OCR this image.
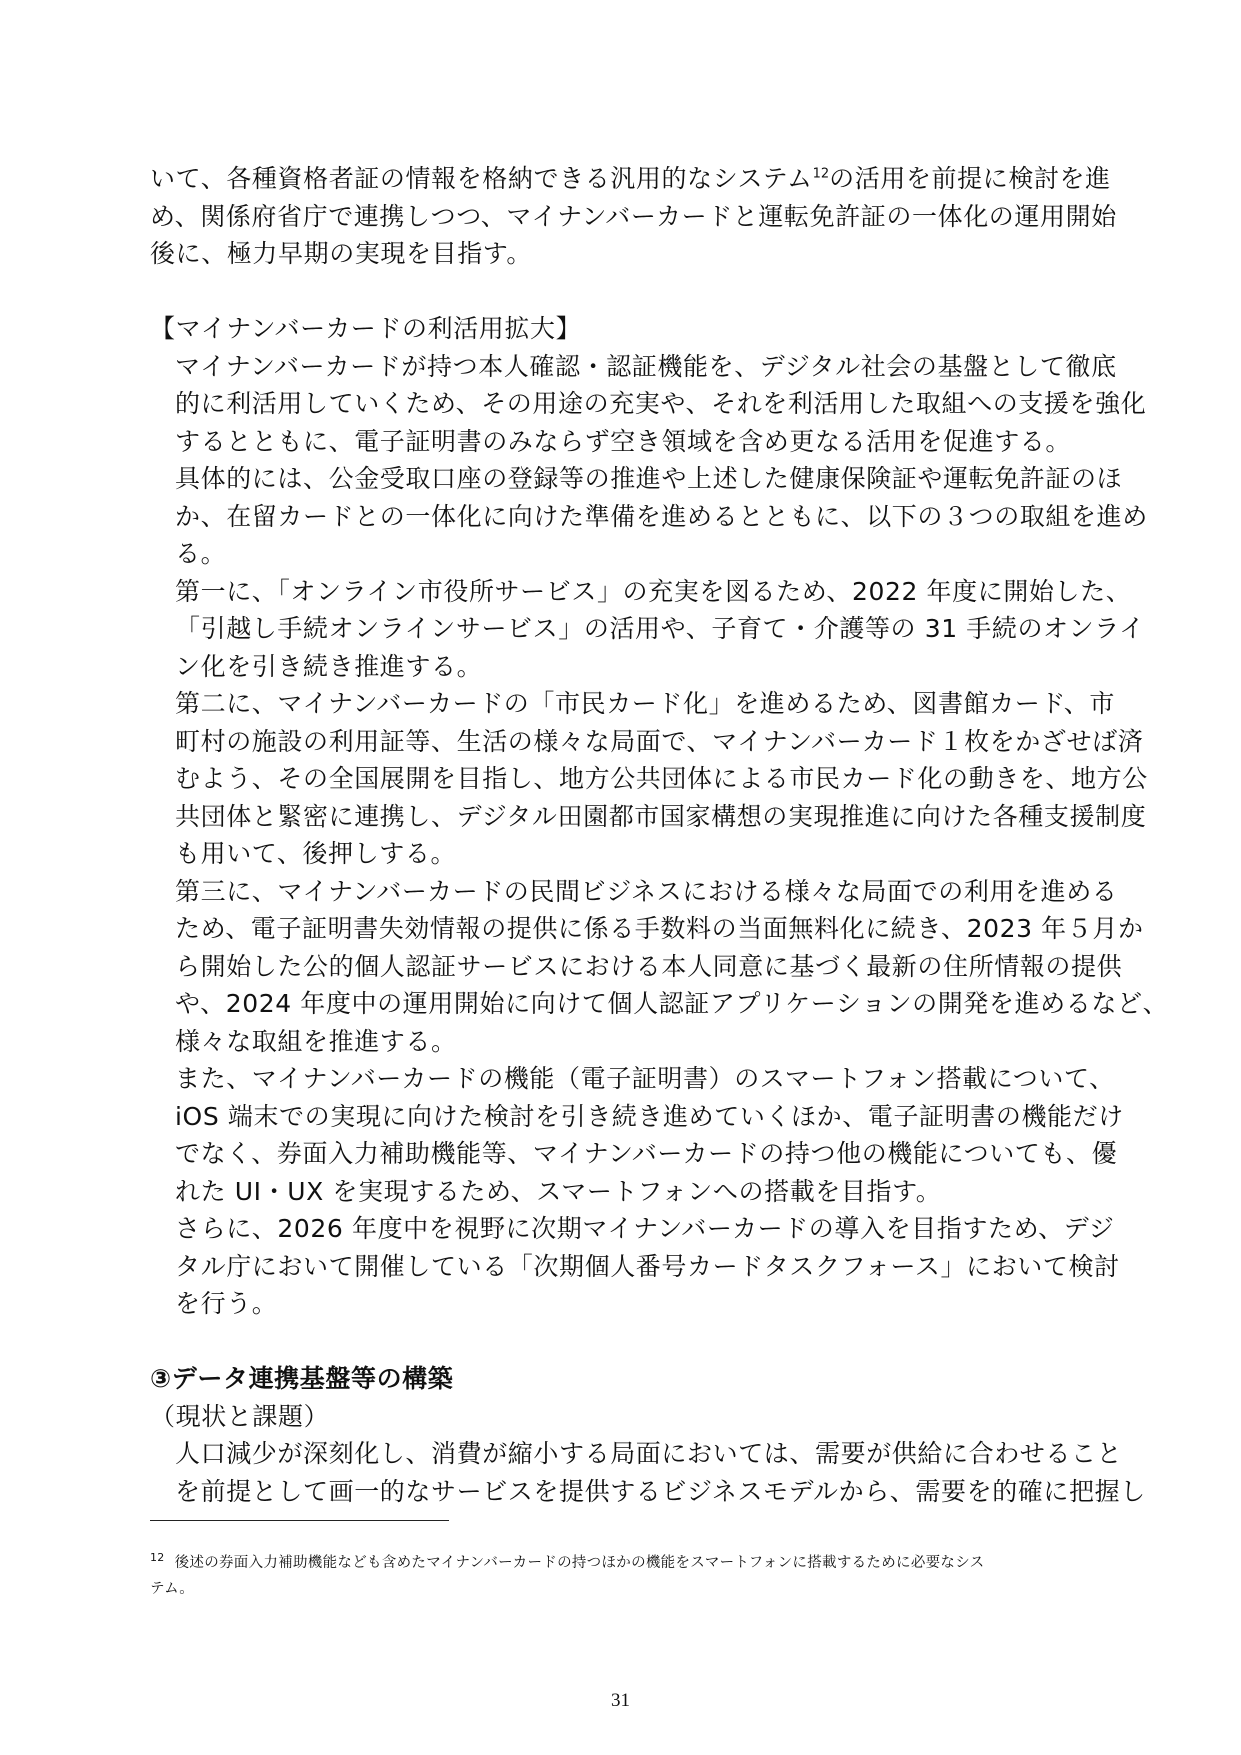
いて、各種資格者証の情報を格納できる汎用的なシステム$^{12}$の活用を前提に検討を進
め、関係府省庁で連携しつつ、マイナンバーカードと運転免許証の一体化の運用開始
後に、極力早期の実現を目指す。

【マイナンバーカードの利活用拡大】

マイナンバーカードが持つ本人確認・認証機能を、デジタル社会の基盤として徹底
的に利活用していくため、その用途の充実や、それを利活用した取組への支援を強化
するとともに、電子証明書のみならず空き領域を含め更なる活用を促進する。

具体的には、公金受取口座の登録等の推進や上述した健康保険証や運転免許証のほ
か、在留カードとの一体化に向けた準備を進めるとともに、以下の３つの取組を進め
る。

第一に、「オンライン市役所サービス」の充実を図るため、2022 年度に開始した、
「引越し手続オンラインサービス」の活用や、子育て・介護等の 31 手続のオンライ
ン化を引き続き推進する。

第二に、マイナンバーカードの「市民カード化」を進めるため、図書館カード、市
町村の施設の利用証等、生活の様々な局面で、マイナンバーカード１枚をかざせば済
むよう、その全国展開を目指し、地方公共団体による市民カード化の動きを、地方公
共団体と緊密に連携し、デジタル田園都市国家構想の実現推進に向けた各種支援制度
も用いて、後押しする。

第三に、マイナンバーカードの民間ビジネスにおける様々な局面での利用を進める
ため、電子証明書失効情報の提供に係る手数料の当面無料化に続き、2023 年５月か
ら開始した公的個人認証サービスにおける本人同意に基づく最新の住所情報の提供
や、2024 年度中の運用開始に向けて個人認証アプリケーションの開発を進めるなど、
様々な取組を推進する。

また、マイナンバーカードの機能（電子証明書）のスマートフォン搭載について、
iOS 端末での実現に向けた検討を引き続き進めていくほか、電子証明書の機能だけ
でなく、券面入力補助機能等、マイナンバーカードの持つ他の機能についても、優
れた UI・UX を実現するため、スマートフォンへの搭載を目指す。

さらに、2026 年度中を視野に次期マイナンバーカードの導入を目指すため、デジ
タル庁において開催している「次期個人番号カードタスクフォース」において検討
を行う。

③データ連携基盤等の構築

（現状と課題）

人口減少が深刻化し、消費が縮小する局面においては、需要が供給に合わせること
を前提として画一的なサービスを提供するビジネスモデルから、需要を的確に把握し

$^{12}$ 後述の券面入力補助機能なども含めたマイナンバーカードの持つほかの機能をスマートフォンに搭載するために必要なシス
テム。
31
